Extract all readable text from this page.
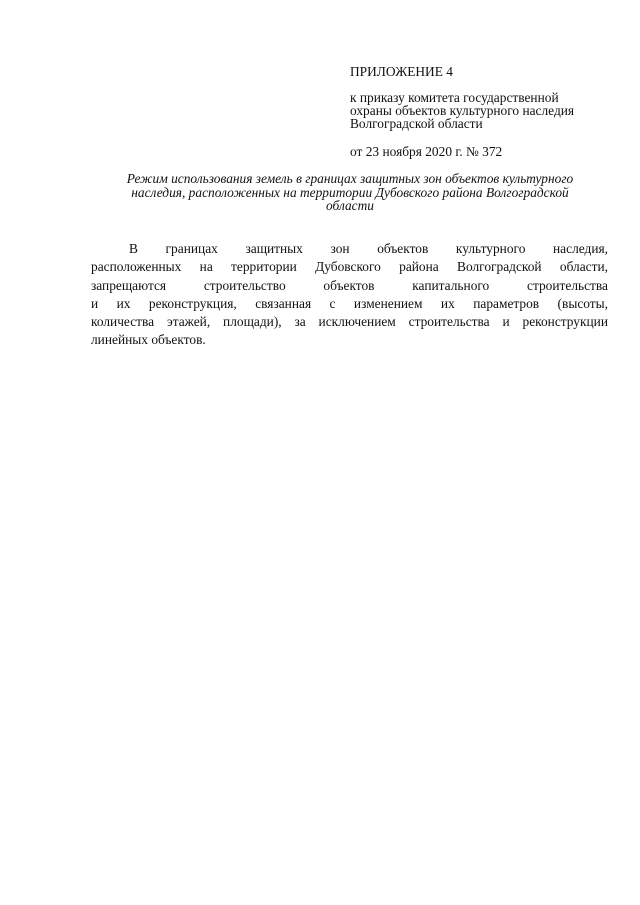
ПРИЛОЖЕНИЕ 4
к приказу комитета государственной
охраны объектов культурного наследия
Волгоградской области
от 23 ноября 2020 г. № 372
Режим использования земель в границах защитных зон объектов культурного
наследия, расположенных на территории Дубовского района Волгоградской
области
В границах защитных зон объектов культурного наследия,
расположенных на территории Дубовского района Волгоградской области,
запрещаются строительство объектов капитального строительства
и их реконструкция, связанная с изменением их параметров (высоты,
количества этажей, площади), за исключением строительства и реконструкции
линейных объектов.
